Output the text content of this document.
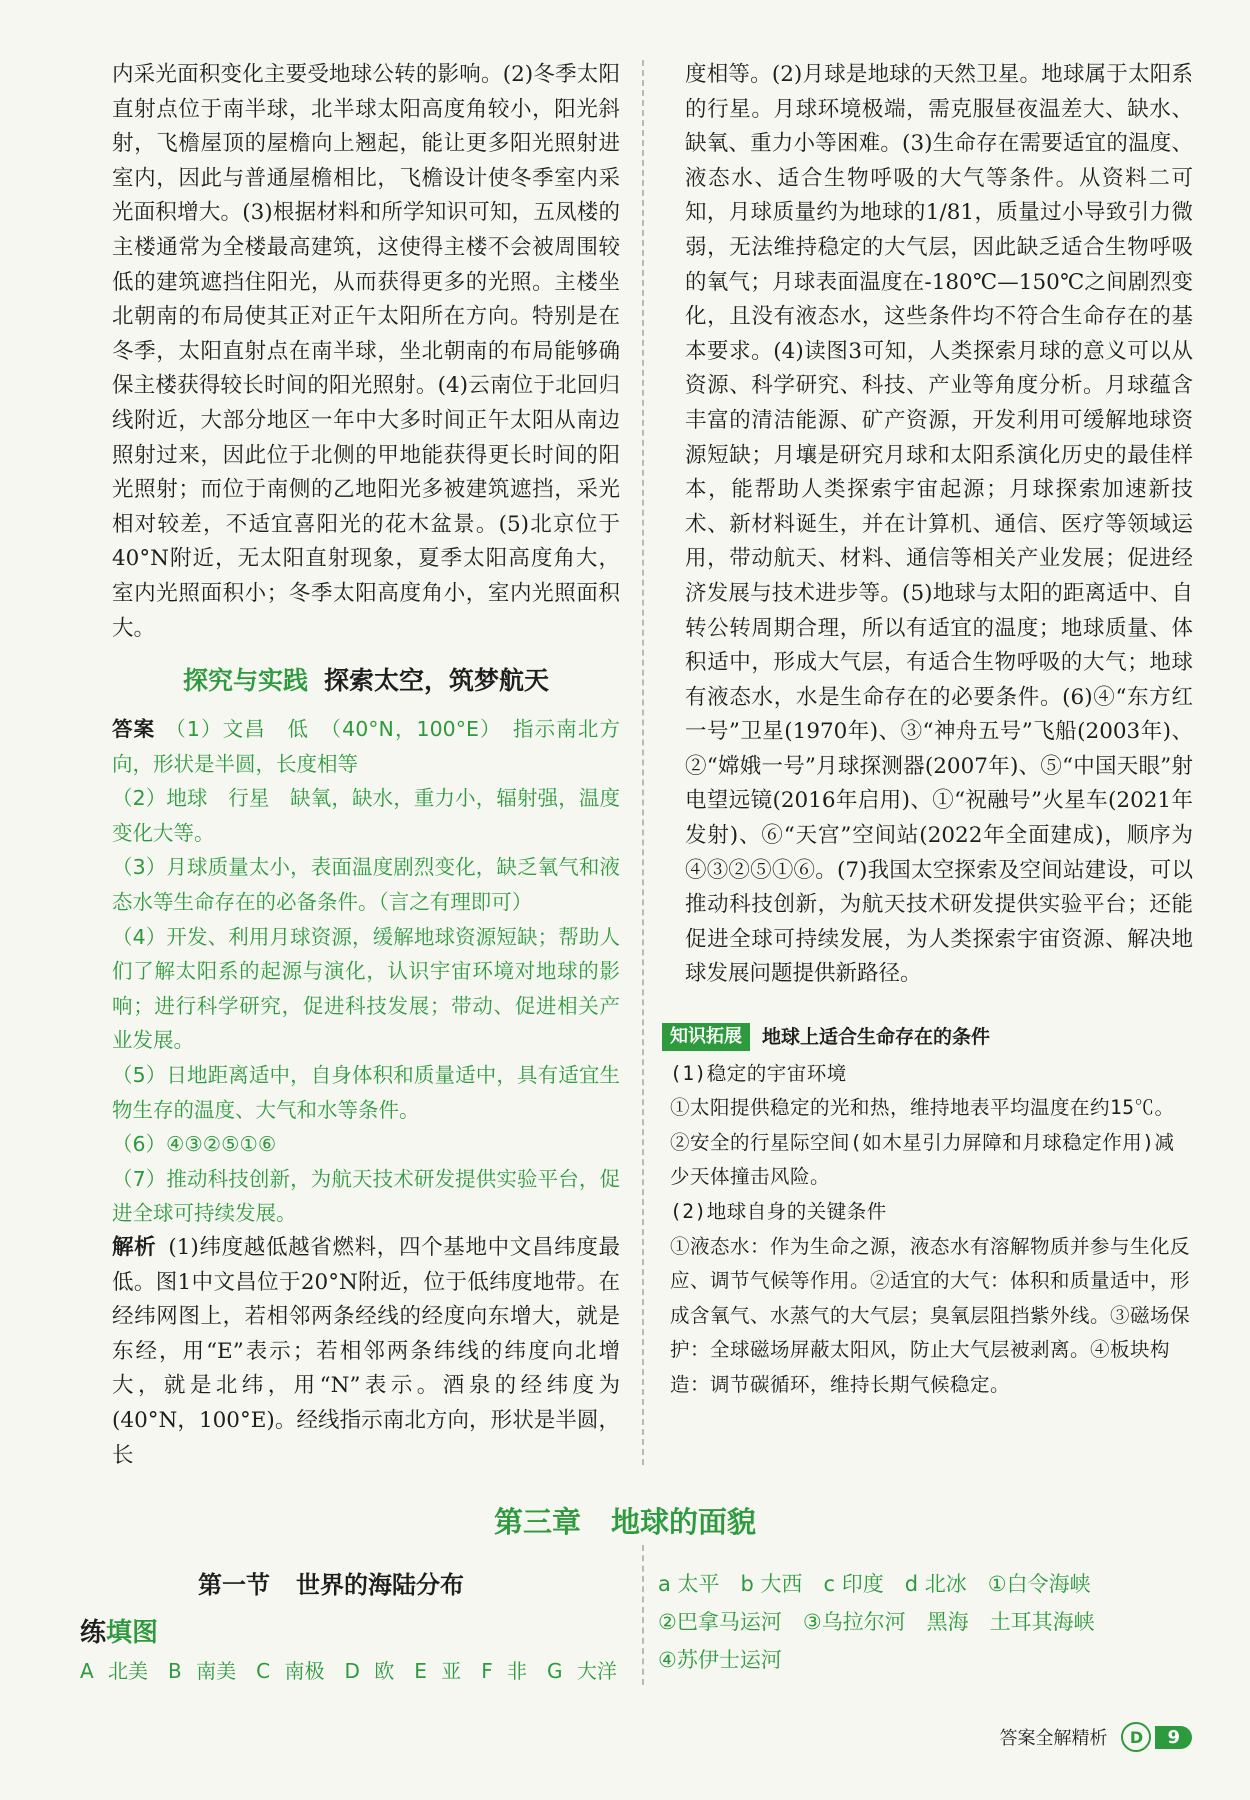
内采光面积变化主要受地球公转的影响。(2)冬季太阳直射点位于南半球，北半球太阳高度角较小，阳光斜射，飞檐屋顶的屋檐向上翘起，能让更多阳光照射进室内，因此与普通屋檐相比，飞檐设计使冬季室内采光面积增大。(3)根据材料和所学知识可知，五凤楼的主楼通常为全楼最高建筑，这使得主楼不会被周围较低的建筑遮挡住阳光，从而获得更多的光照。主楼坐北朝南的布局使其正对正午太阳所在方向。特别是在冬季，太阳直射点在南半球，坐北朝南的布局能够确保主楼获得较长时间的阳光照射。(4)云南位于北回归线附近，大部分地区一年中大多时间正午太阳从南边照射过来，因此位于北侧的甲地能获得更长时间的阳光照射；而位于南侧的乙地阳光多被建筑遮挡，采光相对较差，不适宜喜阳光的花木盆景。(5)北京位于40°N附近，无太阳直射现象，夏季太阳高度角大，室内光照面积小；冬季太阳高度角小，室内光照面积大。
探究与实践 探索太空，筑梦航天

答案 （1）文昌　低　（40°N，100°E）　指示南北方向，形状是半圆，长度相等

（2）地球　行星　缺氧，缺水，重力小，辐射强，温度变化大等。

（3）月球质量太小，表面温度剧烈变化，缺乏氧气和液态水等生命存在的必备条件。（言之有理即可）

（4）开发、利用月球资源，缓解地球资源短缺；帮助人们了解太阳系的起源与演化，认识宇宙环境对地球的影响；进行科学研究，促进科技发展；带动、促进相关产业发展。

（5）日地距离适中，自身体积和质量适中，具有适宜生物生存的温度、大气和水等条件。

（6）④③②⑤①⑥

（7）推动科技创新，为航天技术研发提供实验平台，促进全球可持续发展。

解析 (1)纬度越低越省燃料，四个基地中文昌纬度最低。图1中文昌位于20°N附近，位于低纬度地带。在经纬网图上，若相邻两条经线的经度向东增大，就是东经，用“E”表示；若相邻两条纬线的纬度向北增大，就是北纬，用“N”表示。酒泉的经纬度为(40°N，100°E)。经线指示南北方向，形状是半圆，长

度相等。(2)月球是地球的天然卫星。地球属于太阳系的行星。月球环境极端，需克服昼夜温差大、缺水、缺氧、重力小等困难。(3)生命存在需要适宜的温度、液态水、适合生物呼吸的大气等条件。从资料二可知，月球质量约为地球的1/81，质量过小导致引力微弱，无法维持稳定的大气层，因此缺乏适合生物呼吸的氧气；月球表面温度在-180℃—150℃之间剧烈变化，且没有液态水，这些条件均不符合生命存在的基本要求。(4)读图3可知，人类探索月球的意义可以从资源、科学研究、科技、产业等角度分析。月球蕴含丰富的清洁能源、矿产资源，开发利用可缓解地球资源短缺；月壤是研究月球和太阳系演化历史的最佳样本，能帮助人类探索宇宙起源；月球探索加速新技术、新材料诞生，并在计算机、通信、医疗等领域运用，带动航天、材料、通信等相关产业发展；促进经济发展与技术进步等。(5)地球与太阳的距离适中、自转公转周期合理，所以有适宜的温度；地球质量、体积适中，形成大气层，有适合生物呼吸的大气；地球有液态水，水是生命存在的必要条件。(6)④“东方红一号”卫星(1970年)、③“神舟五号”飞船(2003年)、②“嫦娥一号”月球探测器(2007年)、⑤“中国天眼”射电望远镜(2016年启用)、①“祝融号”火星车(2021年发射)、⑥“天宫”空间站(2022年全面建成)，顺序为④③②⑤①⑥。(7)我国太空探索及空间站建设，可以推动科技创新，为航天技术研发提供实验平台；还能促进全球可持续发展，为人类探索宇宙资源、解决地球发展问题提供新路径。
知识拓展	地球上适合生命存在的条件

(1)稳定的宇宙环境

①太阳提供稳定的光和热，维持地表平均温度在约15℃。②安全的行星际空间(如木星引力屏障和月球稳定作用)减少天体撞击风险。

(2)地球自身的关键条件

①液态水：作为生命之源，液态水有溶解物质并参与生化反应、调节气候等作用。②适宜的大气：体积和质量适中，形成含氧气、水蒸气的大气层；臭氧层阻挡紫外线。③磁场保护：全球磁场屏蔽太阳风，防止大气层被剥离。④板块构造：调节碳循环，维持长期气候稳定。

第三章 地球的面貌
第一节 世界的海陆分布
练填图
A 北美　B 南美　C 南极　D 欧　E 亚　F 非　G 大洋
a 太平　b 大西　c 印度　d 北冰　①白令海峡
②巴拿马运河　③乌拉尔河　黑海　土耳其海峡
④苏伊士运河
答案全解精析	D	9
